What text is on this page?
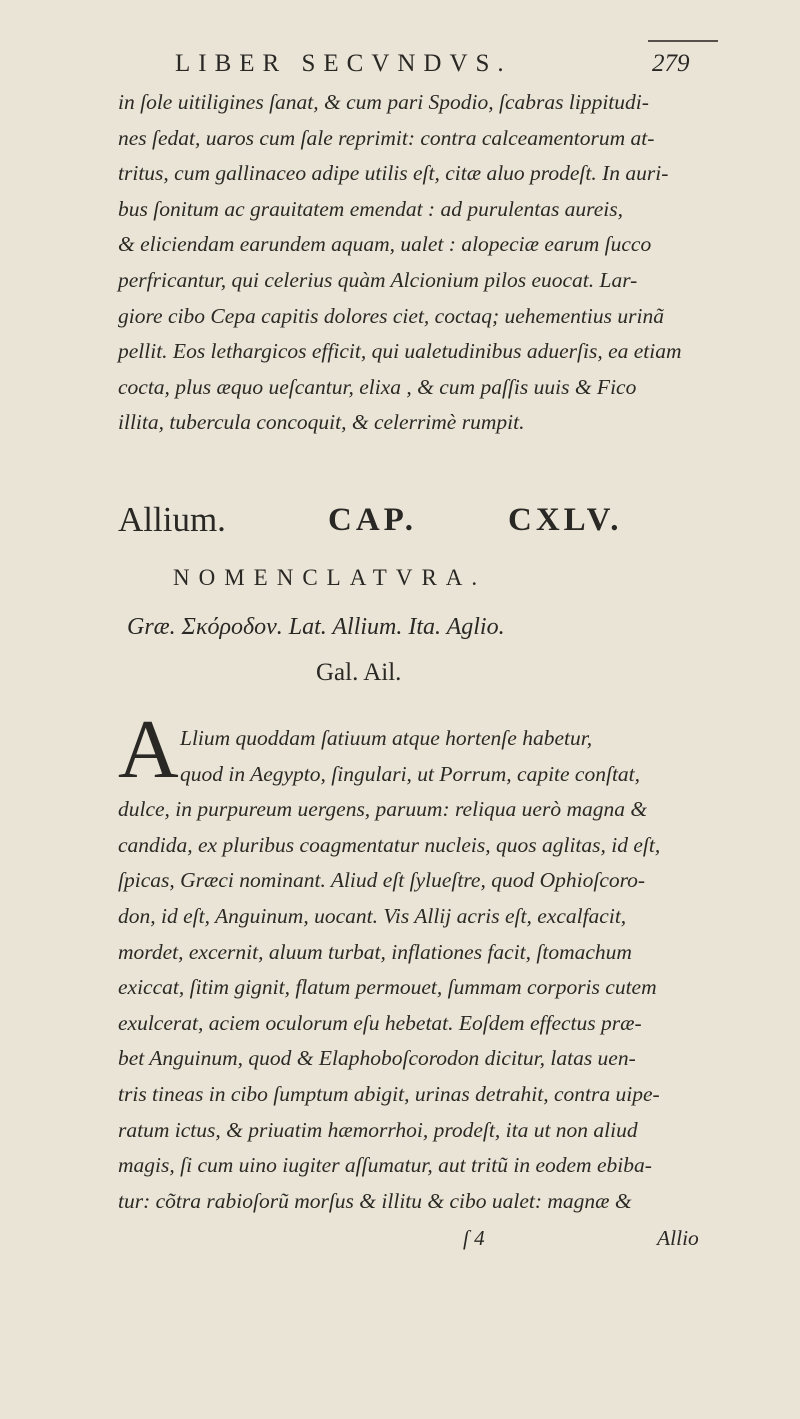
LIBER SECVNDVS.	279
in ſole uitiligines ſanat, & cum pari Spodio, ſcabras lippitudi-
nes ſedat, uaros cum ſale reprimit: contra calceamentorum at-
tritus, cum gallinaceo adipe utilis eſt, citæ aluo prodeſt. In auri-
bus ſonitum ac grauitatem emendat : ad purulentas aureis,
& eliciendam earundem aquam, ualet : alopeciæ earum ſucco
perfricantur, qui celerius quàm Alcionium pilos euocat. Lar-
giore cibo Cepa capitis dolores ciet, coctaq; uehementius urinã
pellit. Eos lethargicos efficit, qui ualetudinibus aduerſis, ea etiam
cocta, plus æquo ueſcantur, elixa , & cum paſſis uuis & Fico
illita, tubercula concoquit, & celerrimè rumpit.
Allium.	CAP.	CXLV.
NOMENCLATVRA.
Græ. Σκόροδον. Lat. Allium. Ita. Aglio.
Gal. Ail.
A Llium quoddam ſatiuum atque hortenſe habetur,
quod in Aegypto, ſingulari, ut Porrum, capite conſtat,
dulce, in purpureum uergens, paruum: reliqua uerò magna &
candida, ex pluribus coagmentatur nucleis, quos aglitas, id eſt,
ſpicas, Græci nominant. Aliud eſt ſylueſtre, quod Ophioſcoro-
don, id eſt, Anguinum, uocant. Vis Allij acris eſt, excalfacit,
mordet, excernit, aluum turbat, inflationes facit, ſtomachum
exiccat, ſitim gignit, flatum permouet, ſummam corporis cutem
exulcerat, aciem oculorum eſu hebetat. Eoſdem effectus præ-
bet Anguinum, quod & Elaphoboſcorodon dicitur, latas uen-
tris tineas in cibo ſumptum abigit, urinas detrahit, contra uipe-
ratum ictus, & priuatim hæmorrhoi, prodeſt, ita ut non aliud
magis, ſi cum uino iugiter aſſumatur, aut tritũ in eodem ebiba-
tur: cõtra rabioſorũ morſus & illitu & cibo ualet: magnæ &
ſ 4	Allio
